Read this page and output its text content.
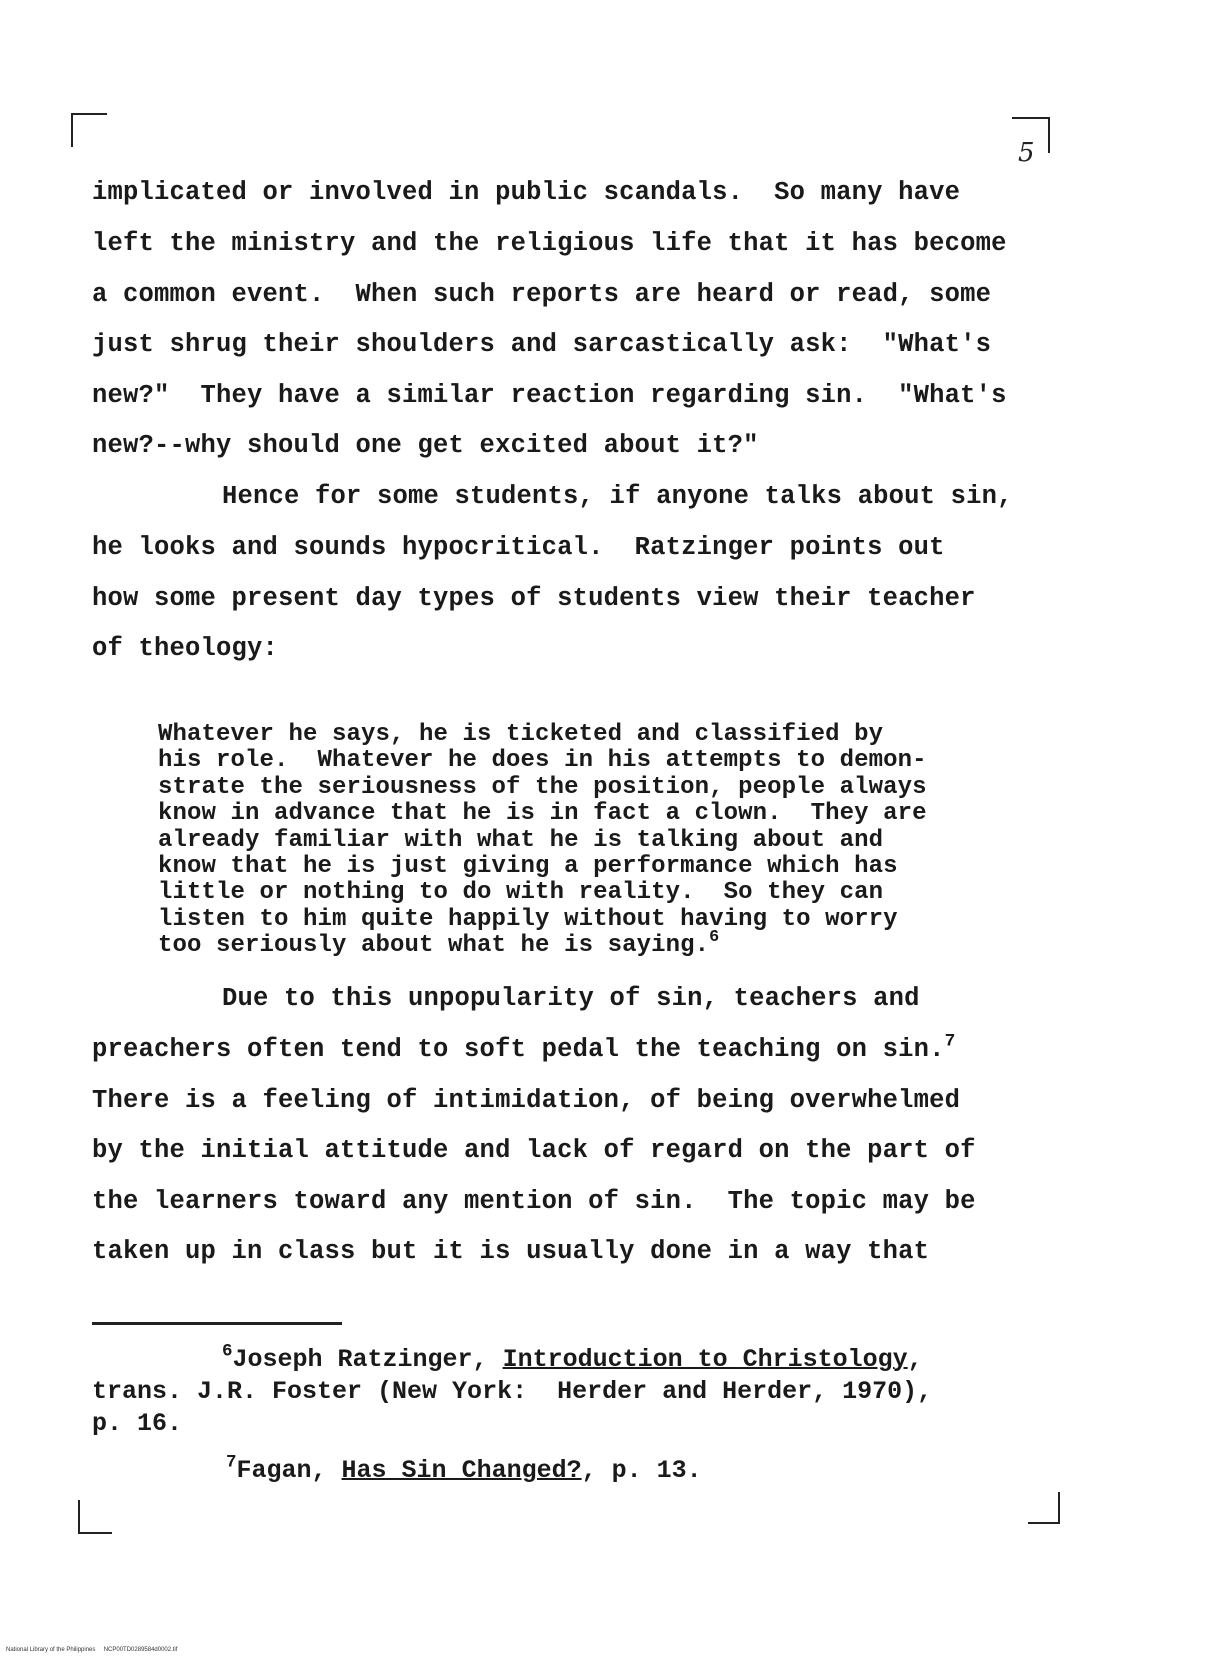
5
implicated or involved in public scandals.  So many have
left the ministry and the religious life that it has become
a common event.  When such reports are heard or read, some
just shrug their shoulders and sarcastically ask:  "What's
new?"  They have a similar reaction regarding sin.  "What's
new?--why should one get excited about it?"
Hence for some students, if anyone talks about sin,
he looks and sounds hypocritical.  Ratzinger points out
how some present day types of students view their teacher
of theology:
Whatever he says, he is ticketed and classified by
his role.  Whatever he does in his attempts to demon-
strate the seriousness of the position, people always
know in advance that he is in fact a clown.  They are
already familiar with what he is talking about and
know that he is just giving a performance which has
little or nothing to do with reality.  So they can
listen to him quite happily without having to worry
too seriously about what he is saying.$^6$
Due to this unpopularity of sin, teachers and
preachers often tend to soft pedal the teaching on sin.$^7$
There is a feeling of intimidation, of being overwhelmed
by the initial attitude and lack of regard on the part of
the learners toward any mention of sin.  The topic may be
taken up in class but it is usually done in a way that
$^6$Joseph Ratzinger, Introduction to Christology,
trans. J.R. Foster (New York:  Herder and Herder, 1970),
p. 16.
$^7$Fagan, Has Sin Changed?, p. 13.
National Library of the Philippines     NCP00TD0289584d0002.tif
